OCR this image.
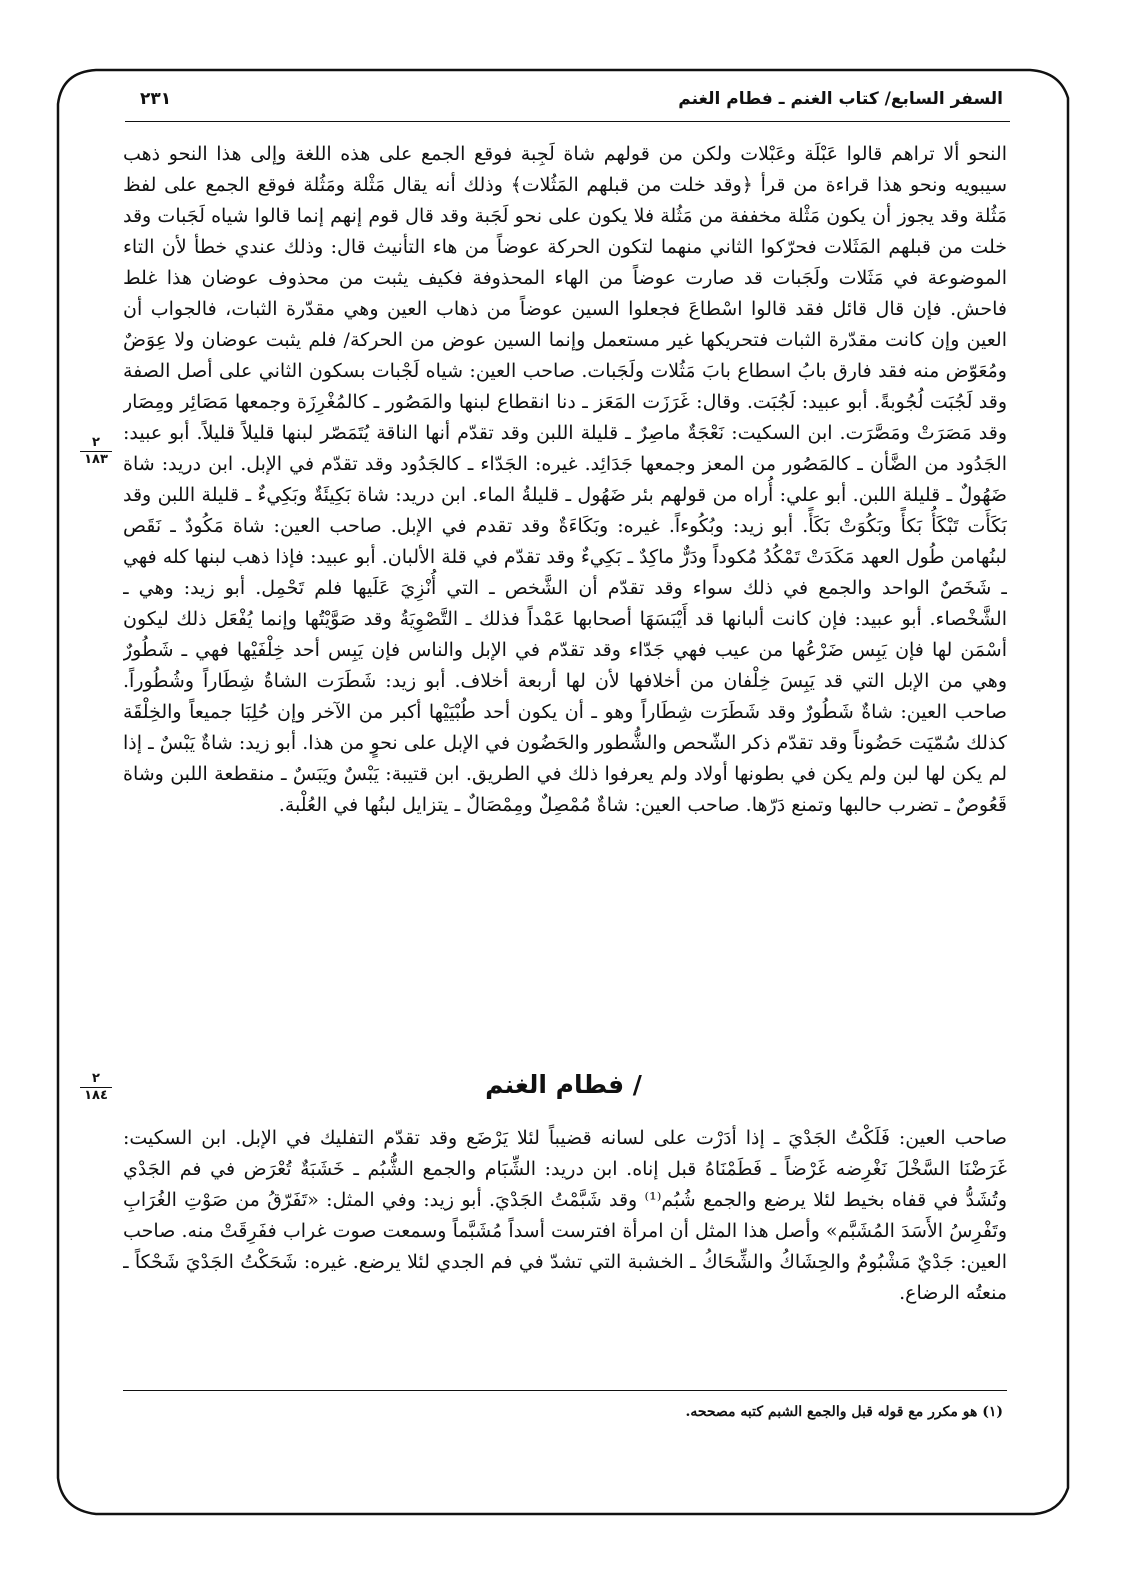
السفر السابع/ كتاب الغنم ـ فطام الغنم
٢٣١
النحو ألا تراهم قالوا عَبْلَة وعَبْلات ولكن من قولهم شاة لَجِبة فوقع الجمع على هذه اللغة وإلى هذا النحو ذهب سيبويه ونحو هذا قراءة من قرأ ﴿وقد خلت من قبلهم المَثُلات﴾ وذلك أنه يقال مَثْلة ومَثُلة فوقع الجمع على لفظ مَثُلة وقد يجوز أن يكون مَثْلة مخففة من مَثُلة فلا يكون على نحو لَجَبة وقد قال قوم إنهم إنما قالوا شياه لَجَبات وقد خلت من قبلهم المَثَلات فحرّكوا الثاني منهما لتكون الحركة عوضاً من هاء التأنيث قال: وذلك عندي خطأ لأن التاء الموضوعة في مَثَلات ولَجَبات قد صارت عوضاً من الهاء المحذوفة فكيف يثبت من محذوف عوضان هذا غلط فاحش. فإن قال قائل فقد قالوا اسْطاعَ فجعلوا السين عوضاً من ذهاب العين وهي مقدّرة الثبات، فالجواب أن العين وإن كانت مقدّرة الثبات فتحريكها غير مستعمل وإنما السين عوض من الحركة/ فلم يثبت عوضان ولا عِوَضٌ ومُعَوّض منه فقد فارق بابُ اسطاع بابَ مَثُلات ولَجَبات. صاحب العين: شياه لَجْبات بسكون الثاني على أصل الصفة وقد لَجُبَت لُجُوبةً. أبو عبيد: لَجُبَت. وقال: غَرَزَت المَعَز ـ دنا انقطاع لبنها والمَصُور ـ كالمُغْرِزَة وجمعها مَصَائِر ومِصَار وقد مَصَرَتْ ومَصَّرَت. ابن السكيت: نَعْجَةٌ ماصِرٌ ـ قليلة اللبن وقد تقدّم أنها الناقة يُتَمَصّر لبنها قليلاً قليلاً. أبو عبيد: الجَدُود من الضَّأن ـ كالمَصُور من المعز وجمعها جَدَائِد. غيره: الجَدّاء ـ كالجَدُود وقد تقدّم في الإبل. ابن دريد: شاة ضَهُولٌ ـ قليلة اللبن. أبو علي: أُراه من قولهم بئر ضَهُول ـ قليلةُ الماء. ابن دريد: شاة بَكِيئَةٌ وبَكِيءٌ ـ قليلة اللبن وقد بَكَأَت تَبْكَأُ بَكأً وبَكُوَتْ بَكَأً. أبو زيد: وبُكُوءاً. غيره: وبَكَاءَةٌ وقد تقدم في الإبل. صاحب العين: شاة مَكُودٌ ـ نَقَص لبنُهامن طُول العهد مَكَدَتْ تَمْكُدُ مُكوداً ودَرٌّ ماكِدٌ ـ بَكِيءٌ وقد تقدّم في قلة الألبان. أبو عبيد: فإذا ذهب لبنها كله فهي ـ شَخَصٌ الواحد والجمع في ذلك سواء وقد تقدّم أن الشَّخص ـ التي أُنْزِيَ عَلَيها فلم تَحْمِل. أبو زيد: وهي ـ الشَّخْصاء. أبو عبيد: فإن كانت ألبانها قد أَيْبَسَهَا أصحابها عَمْداً فذلك ـ التَّصْوِيَةُ وقد صَوَّيْتُها وإنما يُفْعَل ذلك ليكون أسْمَن لها فإن يَبِس ضَرْعُها من عيب فهي جَدّاء وقد تقدّم في الإبل والناس فإن يَبِس أحد خِلْفَيْها فهي ـ شَطُورٌ وهي من الإبل التي قد يَبِسَ خِلْفان من أخلافها لأن لها أربعة أخلاف. أبو زيد: شَطَرَت الشاةُ شِطَاراً وشُطُوراً. صاحب العين: شاةٌ شَطُورٌ وقد شَطَرَت شِطَاراً وهو ـ أن يكون أحد طُبْيَيْها أكبر من الآخر وإن حُلِبَا جميعاً والخِلْقَة كذلك سُمّيَت حَضُوناً وقد تقدّم ذكر الشّحص والشُّطور والحَضُون في الإبل على نحوٍ من هذا. أبو زيد: شاةٌ يَبْسٌ ـ إذا لم يكن لها لبن ولم يكن في بطونها أولاد ولم يعرفوا ذلك في الطريق. ابن قتيبة: يَبْسٌ ويَبَسٌ ـ منقطعة اللبن وشاة قَعُوصٌ ـ تضرب حالبها وتمنع دَرّها. صاحب العين: شاةٌ مُمْصِلٌ ومِمْصَالٌ ـ يتزايل لبنُها في العُلْبة.
/ فطام الغنم
صاحب العين: فَلَكْتُ الجَدْيَ ـ إذا أدَرْت على لسانه قضيباً لئلا يَرْضَع وقد تقدّم التفليك في الإبل. ابن السكيت: غَرَضْنَا السَّخْلَ نَغْرِضه غَرْضاً ـ فَطَمْنَاهُ قبل إناه. ابن دريد: الشِّبَام والجمع الشُّبُم ـ خَشَبَةٌ تُعْرَض في فم الجَدْي وتُشَدُّ في قفاه بخيط لئلا يرضع والجمع شُبُم⁽¹⁾ وقد شَبَّمْتُ الجَدْيَ. أبو زيد: وفي المثل: «تَفَرّقُ من صَوْتِ الغُرَابِ وتَفْرِسُ الأَسَدَ المُشَبَّم» وأصل هذا المثل أن امرأة افترست أسداً مُشَبَّماً وسمعت صوت غراب ففَرِقَتْ منه. صاحب العين: جَدْيٌ مَشْبُومٌ والحِشَاكُ والشِّحَاكُ ـ الخشبة التي تشدّ في فم الجدي لئلا يرضع. غيره: شَحَكْتُ الجَدْيَ شَحْكاً ـ منعتُه الرضاع.
(١) هو مكرر مع قوله قبل والجمع الشبم كتبه مصححه.
٢
١٨٣
٢
١٨٤
